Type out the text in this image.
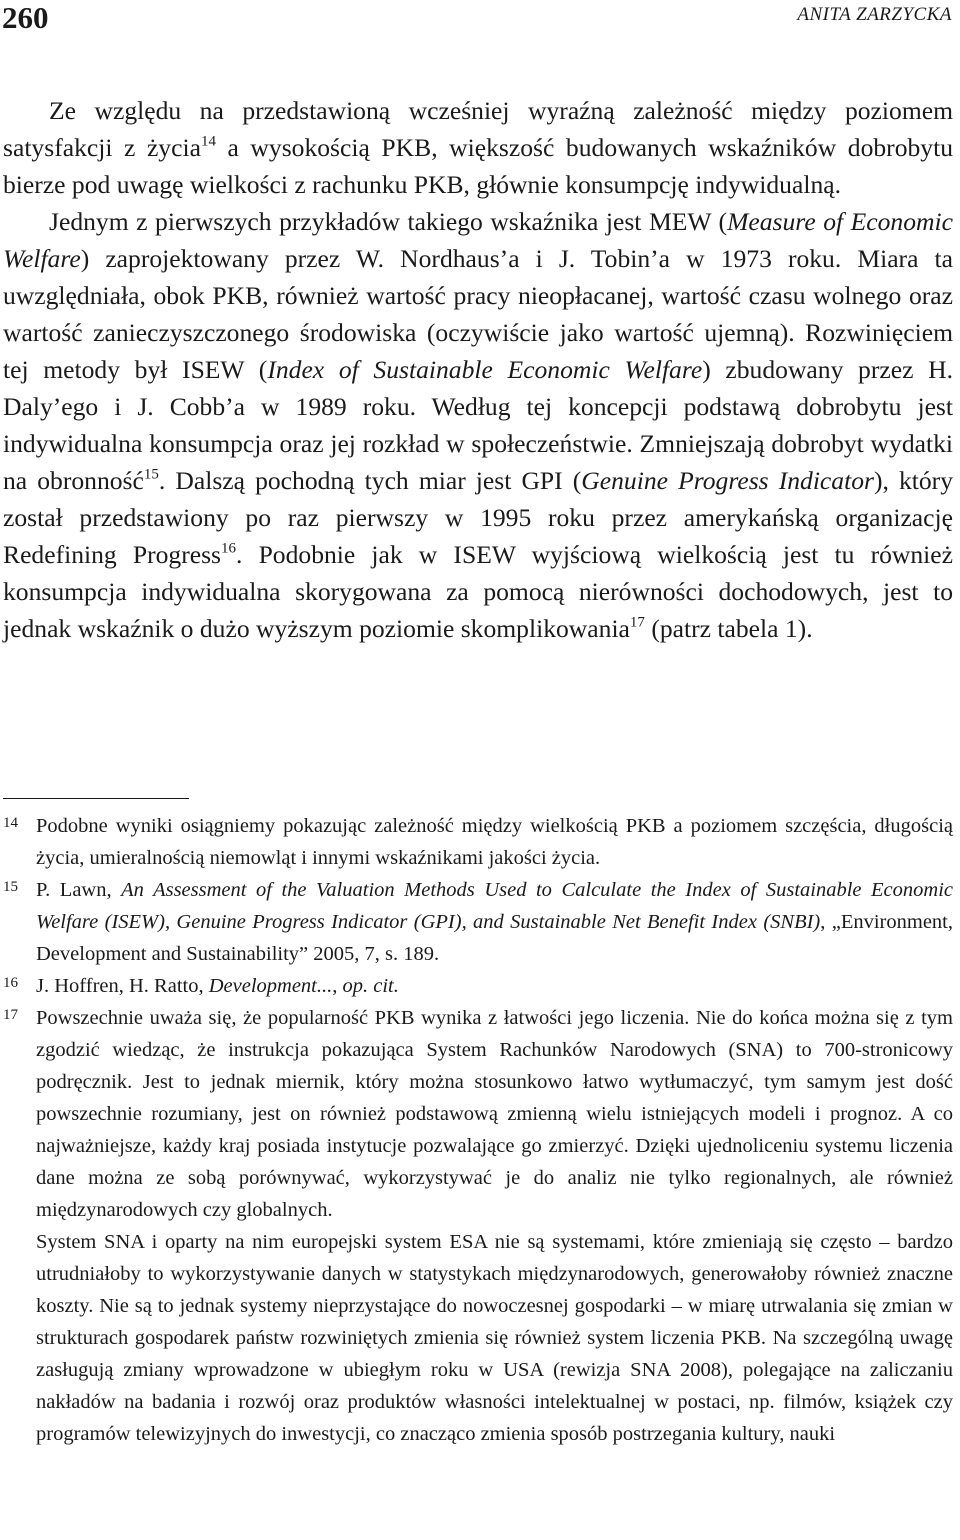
260	ANITA ZARZYCKA

Ze względu na przedstawioną wcześniej wyraźną zależność między poziomem satysfakcji z życia$^{14}$ a wysokością PKB, większość budowanych wskaźników dobrobytu bierze pod uwagę wielkości z rachunku PKB, głównie konsumpcję indywidualną.

Jednym z pierwszych przykładów takiego wskaźnika jest MEW (Measure of Economic Welfare) zaprojektowany przez W. Nordhaus’a i J. Tobin’a w 1973 roku. Miara ta uwzględniała, obok PKB, również wartość pracy nieopłacanej, wartość czasu wolnego oraz wartość zanieczyszczonego środowiska (oczywiście jako wartość ujemną). Rozwinięciem tej metody był ISEW (Index of Sustainable Economic Welfare) zbudowany przez H. Daly’ego i J. Cobb’a w 1989 roku. Według tej koncepcji podstawą dobrobytu jest indywidualna konsumpcja oraz jej rozkład w społeczeństwie. Zmniejszają dobrobyt wydatki na obronność$^{15}$. Dalszą pochodną tych miar jest GPI (Genuine Progress Indicator), który został przedstawiony po raz pierwszy w 1995 roku przez amerykańską organizację Redefining Progress$^{16}$. Podobnie jak w ISEW wyjściową wielkością jest tu również konsumpcja indywidualna skorygowana za pomocą nierówności dochodowych, jest to jednak wskaźnik o dużo wyższym poziomie skomplikowania$^{17}$ (patrz tabela 1).

14 Podobne wyniki osiągniemy pokazując zależność między wielkością PKB a poziomem szczęścia, długością życia, umieralnością niemowląt i innymi wskaźnikami jakości życia.

15 P. Lawn, An Assessment of the Valuation Methods Used to Calculate the Index of Sustainable Economic Welfare (ISEW), Genuine Progress Indicator (GPI), and Sustainable Net Benefit Index (SNBI), „Environment, Development and Sustainability” 2005, 7, s. 189.

16 J. Hoffren, H. Ratto, Development..., op. cit.

17 Powszechnie uważa się, że popularność PKB wynika z łatwości jego liczenia. Nie do końca można się z tym zgodzić wiedząc, że instrukcja pokazująca System Rachunków Narodowych (SNA) to 700-stronicowy podręcznik. Jest to jednak miernik, który można stosunkowo łatwo wytłumaczyć, tym samym jest dość powszechnie rozumiany, jest on również podstawową zmienną wielu istniejących modeli i prognoz. A co najważniejsze, każdy kraj posiada instytucje pozwalające go zmierzyć. Dzięki ujednoliceniu systemu liczenia dane można ze sobą porównywać, wykorzystywać je do analiz nie tylko regionalnych, ale również międzynarodowych czy globalnych.

System SNA i oparty na nim europejski system ESA nie są systemami, które zmieniają się często – bardzo utrudniałoby to wykorzystywanie danych w statystykach międzynarodowych, generowałoby również znaczne koszty. Nie są to jednak systemy nieprzystające do nowoczesnej gospodarki – w miarę utrwalania się zmian w strukturach gospodarek państw rozwiniętych zmienia się również system liczenia PKB. Na szczególną uwagę zasługują zmiany wprowadzone w ubiegłym roku w USA (rewizja SNA 2008), polegające na zaliczaniu nakładów na badania i rozwój oraz produktów własności intelektualnej w postaci, np. filmów, książek czy programów telewizyjnych do inwestycji, co znacząco zmienia sposób postrzegania kultury, nauki
